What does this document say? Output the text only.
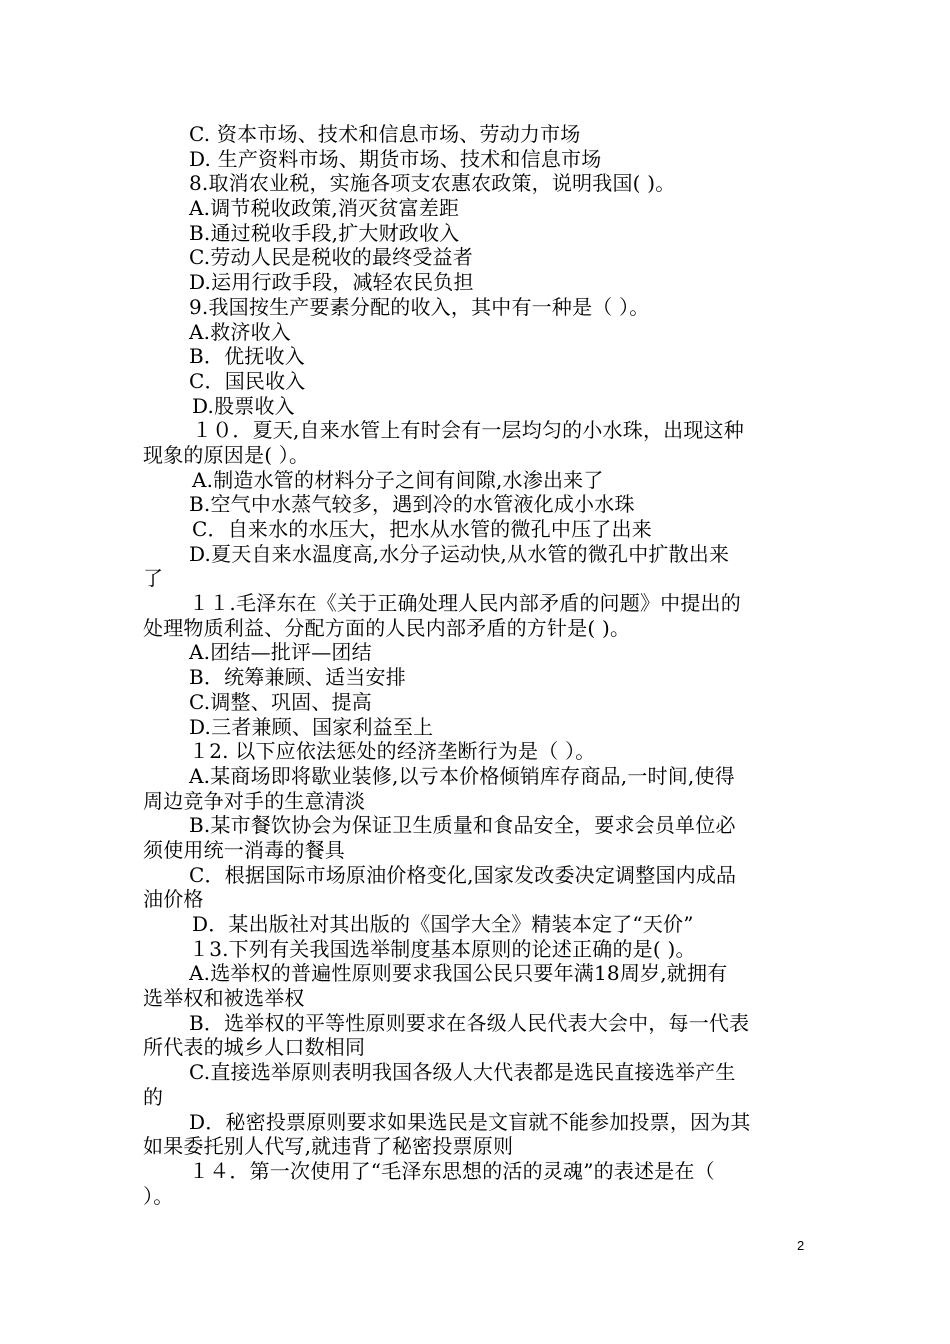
C. 资本市场、技术和信息市场、劳动力市场
D. 生产资料市场、期货市场、技术和信息市场
8.取消农业税，实施各项支农惠农政策，说明我国( )。
A.调节税收政策,消灭贫富差距
B.通过税收手段,扩大财政收入
C.劳动人民是税收的最终受益者
D.运用行政手段，减轻农民负担
9.我国按生产要素分配的收入，其中有一种是（ ）。
A.救济收入
B．优抚收入
C．国民收入
D.股票收入
１０．夏天,自来水管上有时会有一层均匀的小水珠，出现这种
现象的原因是( ）。
A.制造水管的材料分子之间有间隙,水渗出来了
B.空气中水蒸气较多，遇到冷的水管液化成小水珠
C．自来水的水压大，把水从水管的微孔中压了出来
D.夏天自来水温度高,水分子运动快,从水管的微孔中扩散出来
了
１１.毛泽东在《关于正确处理人民内部矛盾的问题》中提出的
处理物质利益、分配方面的人民内部矛盾的方针是( )。
A.团结—批评—团结
B．统筹兼顾、适当安排
C.调整、巩固、提高
D.三者兼顾、国家利益至上
１2. 以下应依法惩处的经济垄断行为是（ ）。
A.某商场即将歇业装修,以亏本价格倾销库存商品,一时间,使得
周边竞争对手的生意清淡
B.某市餐饮协会为保证卫生质量和食品安全，要求会员单位必
须使用统一消毒的餐具
C．根据国际市场原油价格变化,国家发改委决定调整国内成品
油价格
D．某出版社对其出版的《国学大全》精装本定了“天价”
１3.下列有关我国选举制度基本原则的论述正确的是( )。
A.选举权的普遍性原则要求我国公民只要年满18周岁,就拥有
选举权和被选举权
B．选举权的平等性原则要求在各级人民代表大会中，每一代表
所代表的城乡人口数相同
C.直接选举原则表明我国各级人大代表都是选民直接选举产生
的
D．秘密投票原则要求如果选民是文盲就不能参加投票，因为其
如果委托别人代写,就违背了秘密投票原则
１４．第一次使用了“毛泽东思想的活的灵魂”的表述是在（
）。
2
